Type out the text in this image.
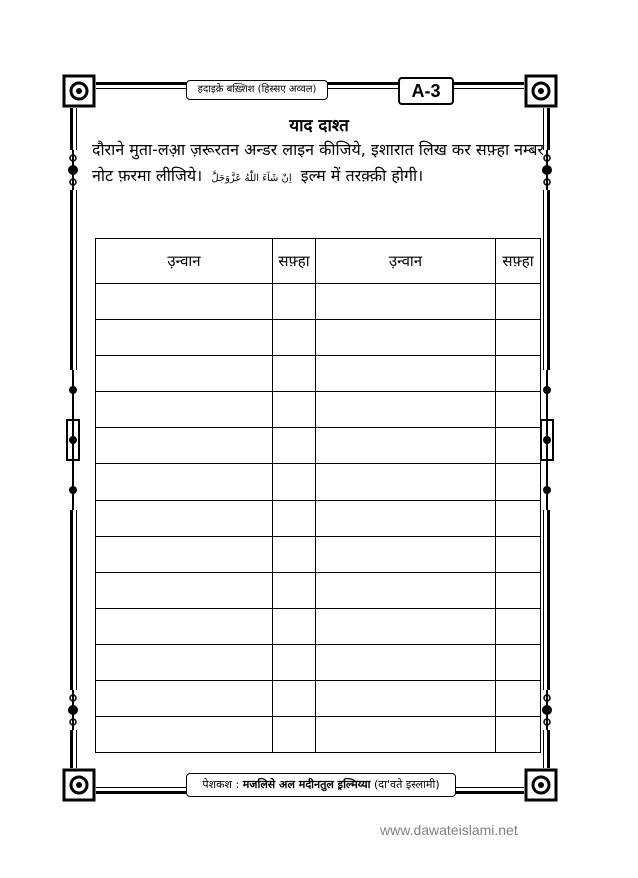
हदाइक़े बख़्शिश (हिस्सए अव्वल)	A-3
याद दाश्त
दौराने मुता-लआ़ ज़रूरतन अन्डर लाइन कीजिये, इशारात लिख कर सफ़्हा नम्बर नोट फ़रमा लीजिये। اِنْ شَآءَ اللّٰهُ عَزَّوَجَلَّ इल्म में तरक़्क़ी होगी।
उ़न्वान	सफ़्हा	उ़न्वान	सफ़्हा

पेशकश : मजलिसे अल मदीनतुल इ़ल्मिय्या (दा'वते इस्लामी)
www.dawateislami.net
